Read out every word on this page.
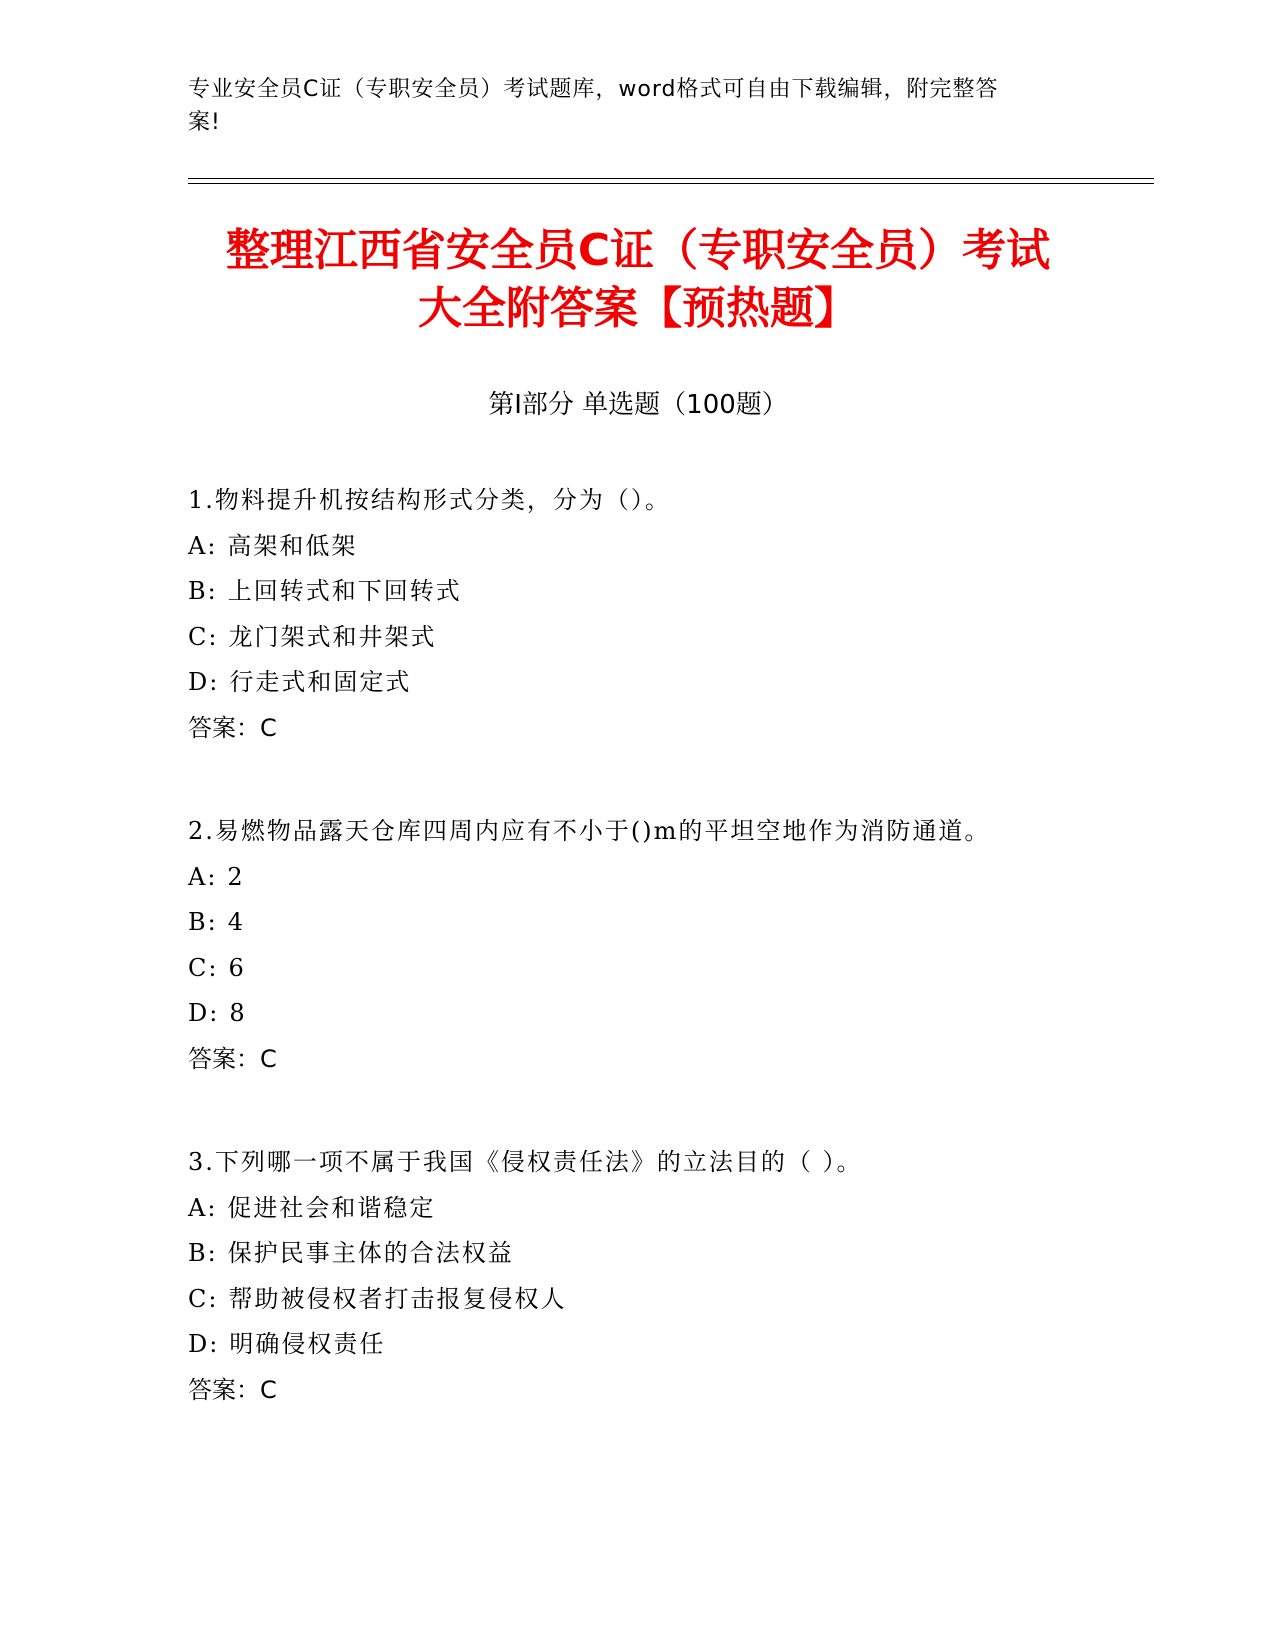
专业安全员C证（专职安全员）考试题库，word格式可自由下载编辑，附完整答
案!
整理江西省安全员C证（专职安全员）考试
大全附答案【预热题】
第Ⅰ部分 单选题（100题）
1.物料提升机按结构形式分类，分为（）。
A: 高架和低架
B: 上回转式和下回转式
C: 龙门架式和井架式
D: 行走式和固定式
答案：C
2.易燃物品露天仓库四周内应有不小于()m的平坦空地作为消防通道。
A: 2
B: 4
C: 6
D: 8
答案：C
3.下列哪一项不属于我国《侵权责任法》的立法目的（ ）。
A: 促进社会和谐稳定
B: 保护民事主体的合法权益
C: 帮助被侵权者打击报复侵权人
D: 明确侵权责任
答案：C
